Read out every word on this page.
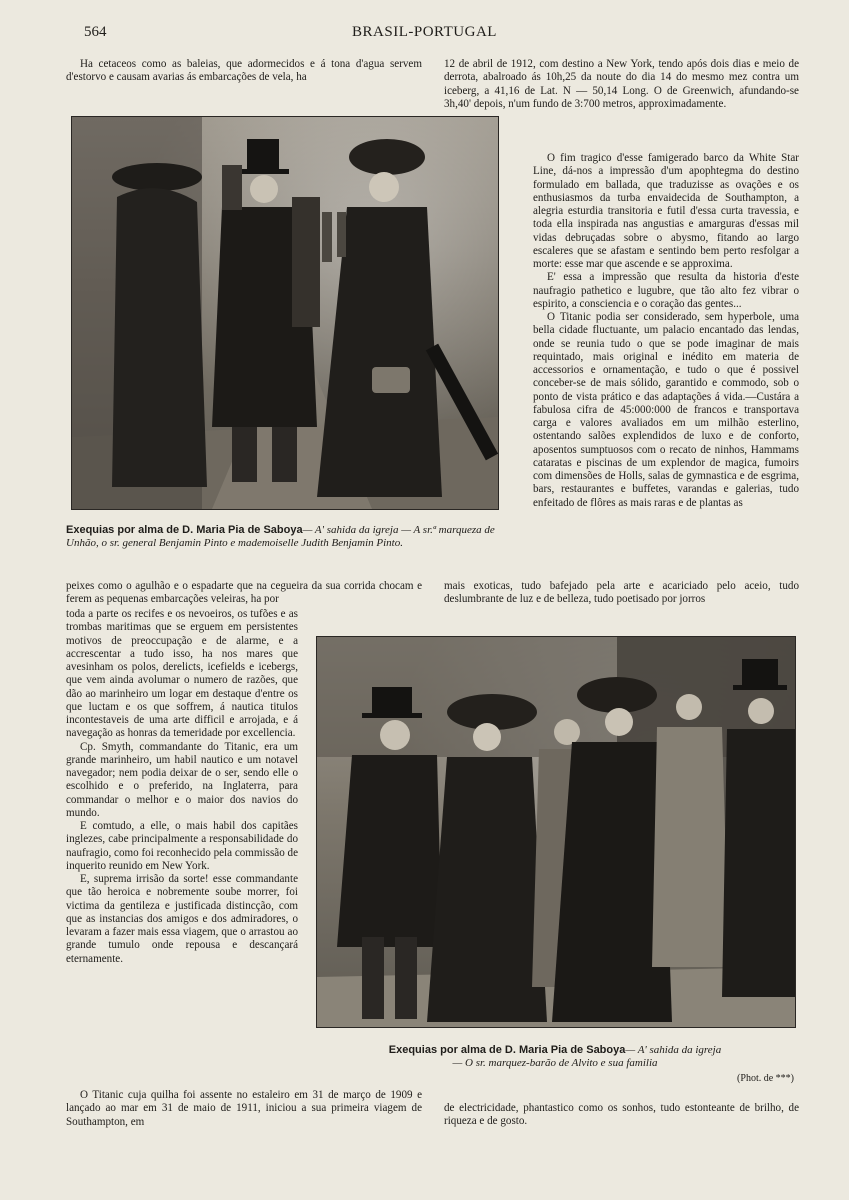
564	BRASIL-PORTUGAL
Ha cetaceos como as baleias, que adormecidos e á tona d'agua servem d'estorvo e causam avarias ás embarcações de vela, ha
Exequias por alma de D. Maria Pia de Saboya— A' sahida da igreja — A sr.ª marqueza de Unhão, o sr. general Benjamin Pinto e mademoiselle Judith Benjamin Pinto.

12 de abril de 1912, com destino a New York, tendo após dois dias e meio de derrota, abalroado ás 10h,25 da noute do dia 14 do mesmo mez contra um iceberg, a 41,16 de Lat. N — 50,14 Long. O de Greenwich, afundando-se 3h,40' depois, n'um fundo de 3:700 metros, approximadamente.

O fim tragico d'esse famigerado barco da White Star Line, dá-nos a impressão d'um apophtegma do destino formulado em ballada, que traduzisse as ovações e os enthusiasmos da turba envaidecida de Southampton, a alegria esturdia transitoria e futil d'essa curta travessia, e toda ella inspirada nas angustias e amarguras d'essas mil vidas debruçadas sobre o abysmo, fitando ao largo escaleres que se afastam e sentindo bem perto resfolgar a morte: esse mar que ascende e se approxima.

E' essa a impressão que resulta da historia d'este naufragio pathetico e lugubre, que tão alto fez vibrar o espirito, a consciencia e o coração das gentes...

O Titanic podia ser considerado, sem hyperbole, uma bella cidade fluctuante, um palacio encantado das lendas, onde se reunia tudo o que se pode imaginar de mais requintado, mais original e inédito em materia de accessorios e ornamentação, e tudo o que é possivel conceber-se de mais sólido, garantido e commodo, sob o ponto de vista prático e das adaptações á vida.—Custára a fabulosa cifra de 45:000:000 de francos e transportava carga e valores avaliados em um milhão esterlino, ostentando salões explendidos de luxo e de conforto, aposentos sumptuosos com o recato de ninhos, Hammams cataratas e piscinas de um explendor de magica, fumoirs com dimensões de Holls, salas de gymnastica e de esgrima, bars, restaurantes e buffetes, varandas e galerias, tudo enfeitado de flôres as mais raras e de plantas as

peixes como o agulhão e o espadarte que na cegueira da sua corrida chocam e ferem as pequenas embarcações veleiras, ha por
mais exoticas, tudo bafejado pela arte e acariciado pelo aceio, tudo deslumbrante de luz e de belleza, tudo poetisado por jorros

toda a parte os recifes e os nevoeiros, os tufões e as trombas maritimas que se erguem em persistentes motivos de preoccupação e de alarme, e a accrescentar a tudo isso, ha nos mares que avesinham os polos, derelicts, icefields e icebergs, que vem ainda avolumar o numero de razões, que dão ao marinheiro um logar em destaque d'entre os que luctam e os que soffrem, á nautica titulos incontestaveis de uma arte difficil e arrojada, e á navegação as honras da temeridade por excellencia.

Cp. Smyth, commandante do Titanic, era um grande marinheiro, um habil nautico e um notavel navegador; nem podia deixar de o ser, sendo elle o escolhido e o preferido, na Inglaterra, para commandar o melhor e o maior dos navios do mundo.

E comtudo, a elle, o mais habil dos capitães inglezes, cabe principalmente a responsabilidade do naufragio, como foi reconhecido pela commissão de inquerito reunido em New York.

E, suprema irrisão da sorte! esse commandante que tão heroica e nobremente soube morrer, foi victima da gentileza e justificada distincção, com que as instancias dos amigos e dos admiradores, o levaram a fazer mais essa viagem, que o arrastou ao grande tumulo onde repousa e descançará eternamente.

Exequias por alma de D. Maria Pia de Saboya— A' sahida da igreja
— O sr. marquez-barão de Alvito e sua familia
(Phot. de ***)
O Titanic cuja quilha foi assente no estaleiro em 31 de março de 1909 e lançado ao mar em 31 de maio de 1911, iniciou a sua primeira viagem de Southampton, em
de electricidade, phantastico como os sonhos, tudo estonteante de brilho, de riqueza e de gosto.
